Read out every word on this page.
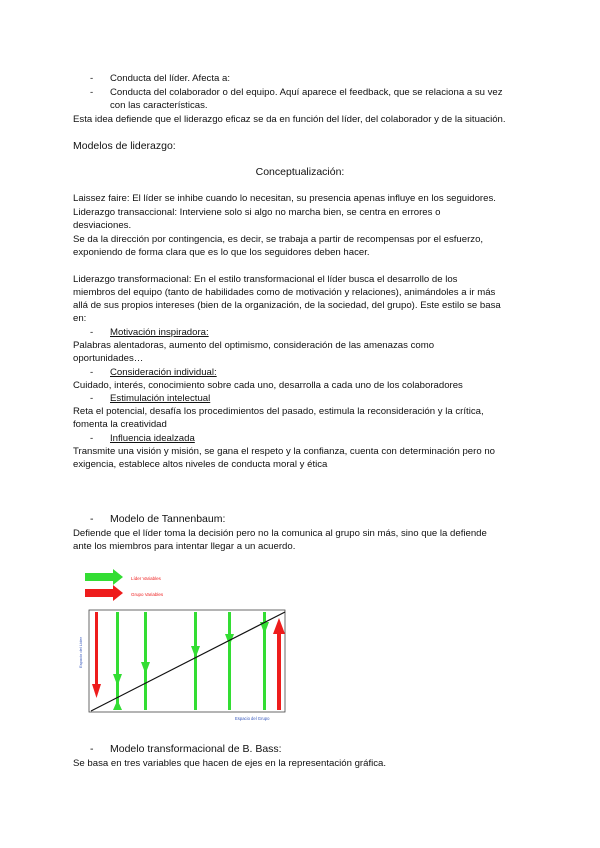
- Conducta del líder. Afecta a:
- Conducta del colaborador o del equipo. Aquí aparece el feedback, que se relaciona a su vez
con las características.
Esta idea defiende que el liderazgo eficaz se da en función del líder, del colaborador y de la situación.
Modelos de liderazgo:
Conceptualización:
Laissez faire: El líder se inhibe cuando lo necesitan, su presencia apenas influye en los seguidores.
Liderazgo transaccional: Interviene solo si algo no marcha bien, se centra en errores o
desviaciones.
Se da la dirección por contingencia, es decir, se trabaja a partir de recompensas por el esfuerzo,
exponiendo de forma clara que es lo que los seguidores deben hacer.
Liderazgo transformacional: En el estilo transformacional el líder busca el desarrollo de los
miembros del equipo (tanto de habilidades como de motivación y relaciones), animándoles a ir más
allá de sus propios intereses (bien de la organización, de la sociedad, del grupo). Este estilo se basa
en:
- Motivación inspiradora:
Palabras alentadoras, aumento del optimismo, consideración de las amenazas como
oportunidades…
- Consideración individual:
Cuidado, interés, conocimiento sobre cada uno, desarrolla a cada uno de los colaboradores
- Estimulación intelectual
Reta el potencial, desafía los procedimientos del pasado, estimula la reconsideración y la crítica,
fomenta la creatividad
- Influencia idealzada
Transmite una visión y misión, se gana el respeto y la confianza, cuenta con determinación pero no
exigencia, establece altos niveles de conducta moral y ética
- Modelo de Tannenbaum:
Defiende que el líder toma la decisión pero no la comunica al grupo sin más, sino que la defiende
ante los miembros para intentar llegar a un acuerdo.
Líder Variables
Grupo Variables
Espacio del Líder
Espacio del Grupo
- Modelo transformacional de B. Bass:
Se basa en tres variables que hacen de ejes en la representación gráfica.
